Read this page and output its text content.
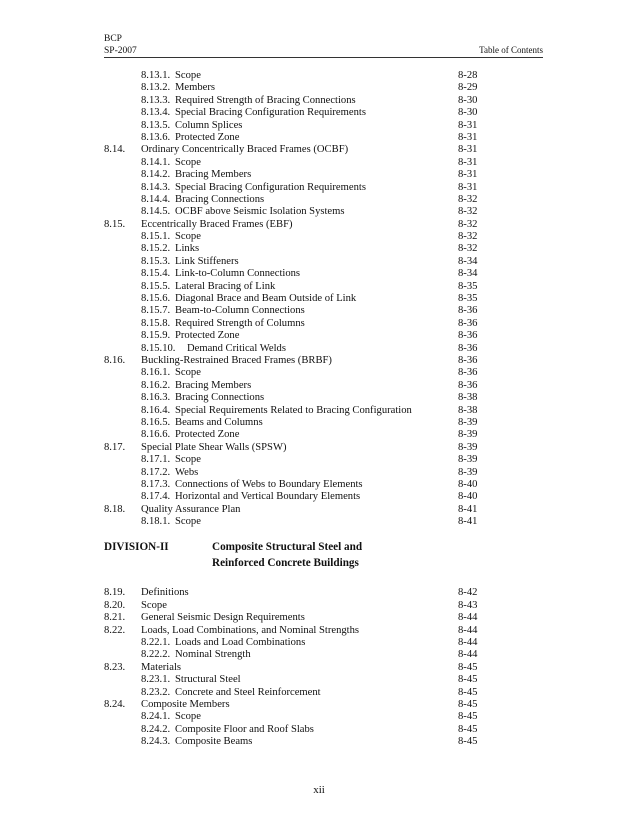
BCP
SP-2007	Table of Contents
8.13.1. Scope	8-28
8.13.2. Members	8-29
8.13.3. Required Strength of Bracing Connections	8-30
8.13.4. Special Bracing Configuration Requirements	8-30
8.13.5. Column Splices	8-31
8.13.6. Protected Zone	8-31
8.14. Ordinary Concentrically Braced Frames (OCBF)	8-31
8.14.1. Scope	8-31
8.14.2. Bracing Members	8-31
8.14.3. Special Bracing Configuration Requirements	8-31
8.14.4. Bracing Connections	8-32
8.14.5. OCBF above Seismic Isolation Systems	8-32
8.15. Eccentrically Braced Frames (EBF)	8-32
8.15.1. Scope	8-32
8.15.2. Links	8-32
8.15.3. Link Stiffeners	8-34
8.15.4. Link-to-Column Connections	8-34
8.15.5. Lateral Bracing of Link	8-35
8.15.6. Diagonal Brace and Beam Outside of Link	8-35
8.15.7. Beam-to-Column Connections	8-36
8.15.8. Required Strength of Columns	8-36
8.15.9. Protected Zone	8-36
8.15.10. Demand Critical Welds	8-36
8.16. Buckling-Restrained Braced Frames (BRBF)	8-36
8.16.1. Scope	8-36
8.16.2. Bracing Members	8-36
8.16.3. Bracing Connections	8-38
8.16.4. Special Requirements Related to Bracing Configuration	8-38
8.16.5. Beams and Columns	8-39
8.16.6. Protected Zone	8-39
8.17. Special Plate Shear Walls (SPSW)	8-39
8.17.1. Scope	8-39
8.17.2. Webs	8-39
8.17.3. Connections of Webs to Boundary Elements	8-40
8.17.4. Horizontal and Vertical Boundary Elements	8-40
8.18. Quality Assurance Plan	8-41
8.18.1. Scope	8-41
DIVISION-II	Composite Structural Steel and
Reinforced Concrete Buildings
8.19. Definitions	8-42
8.20. Scope	8-43
8.21. General Seismic Design Requirements	8-44
8.22. Loads, Load Combinations, and Nominal Strengths	8-44
8.22.1. Loads and Load Combinations	8-44
8.22.2. Nominal Strength	8-44
8.23. Materials	8-45
8.23.1. Structural Steel	8-45
8.23.2. Concrete and Steel Reinforcement	8-45
8.24. Composite Members	8-45
8.24.1. Scope	8-45
8.24.2. Composite Floor and Roof Slabs	8-45
8.24.3. Composite Beams	8-45
xii
